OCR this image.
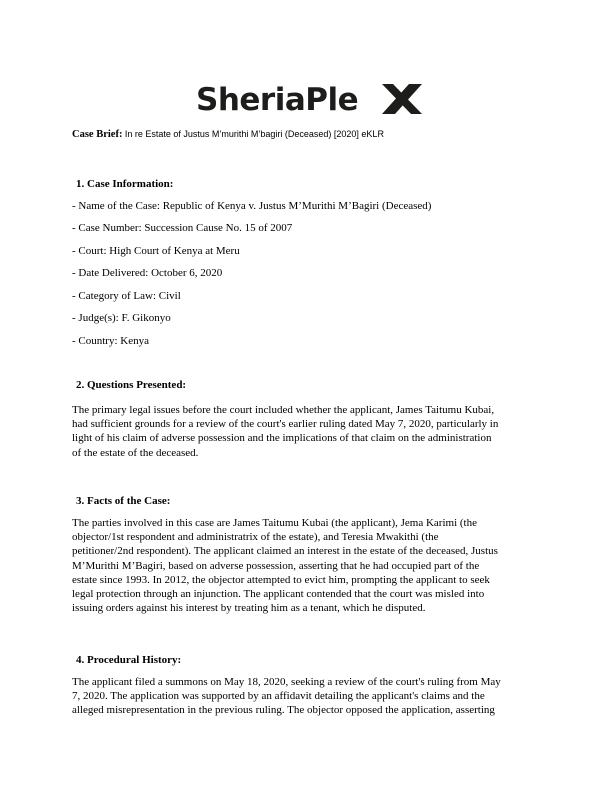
SheriaPle
Case Brief: In re Estate of Justus M’murithi M’bagiri (Deceased) [2020] eKLR
1. Case Information:
- Name of the Case: Republic of Kenya v. Justus M’Murithi M’Bagiri (Deceased)
- Case Number: Succession Cause No. 15 of 2007
- Court: High Court of Kenya at Meru
- Date Delivered: October 6, 2020
- Category of Law: Civil
- Judge(s): F. Gikonyo
- Country: Kenya
2. Questions Presented:
The primary legal issues before the court included whether the applicant, James Taitumu Kubai,
had sufficient grounds for a review of the court's earlier ruling dated May 7, 2020, particularly in
light of his claim of adverse possession and the implications of that claim on the administration
of the estate of the deceased.
3. Facts of the Case:
The parties involved in this case are James Taitumu Kubai (the applicant), Jema Karimi (the
objector/1st respondent and administratrix of the estate), and Teresia Mwakithi (the
petitioner/2nd respondent). The applicant claimed an interest in the estate of the deceased, Justus
M’Murithi M’Bagiri, based on adverse possession, asserting that he had occupied part of the
estate since 1993. In 2012, the objector attempted to evict him, prompting the applicant to seek
legal protection through an injunction. The applicant contended that the court was misled into
issuing orders against his interest by treating him as a tenant, which he disputed.
4. Procedural History:
The applicant filed a summons on May 18, 2020, seeking a review of the court's ruling from May
7, 2020. The application was supported by an affidavit detailing the applicant's claims and the
alleged misrepresentation in the previous ruling. The objector opposed the application, asserting
